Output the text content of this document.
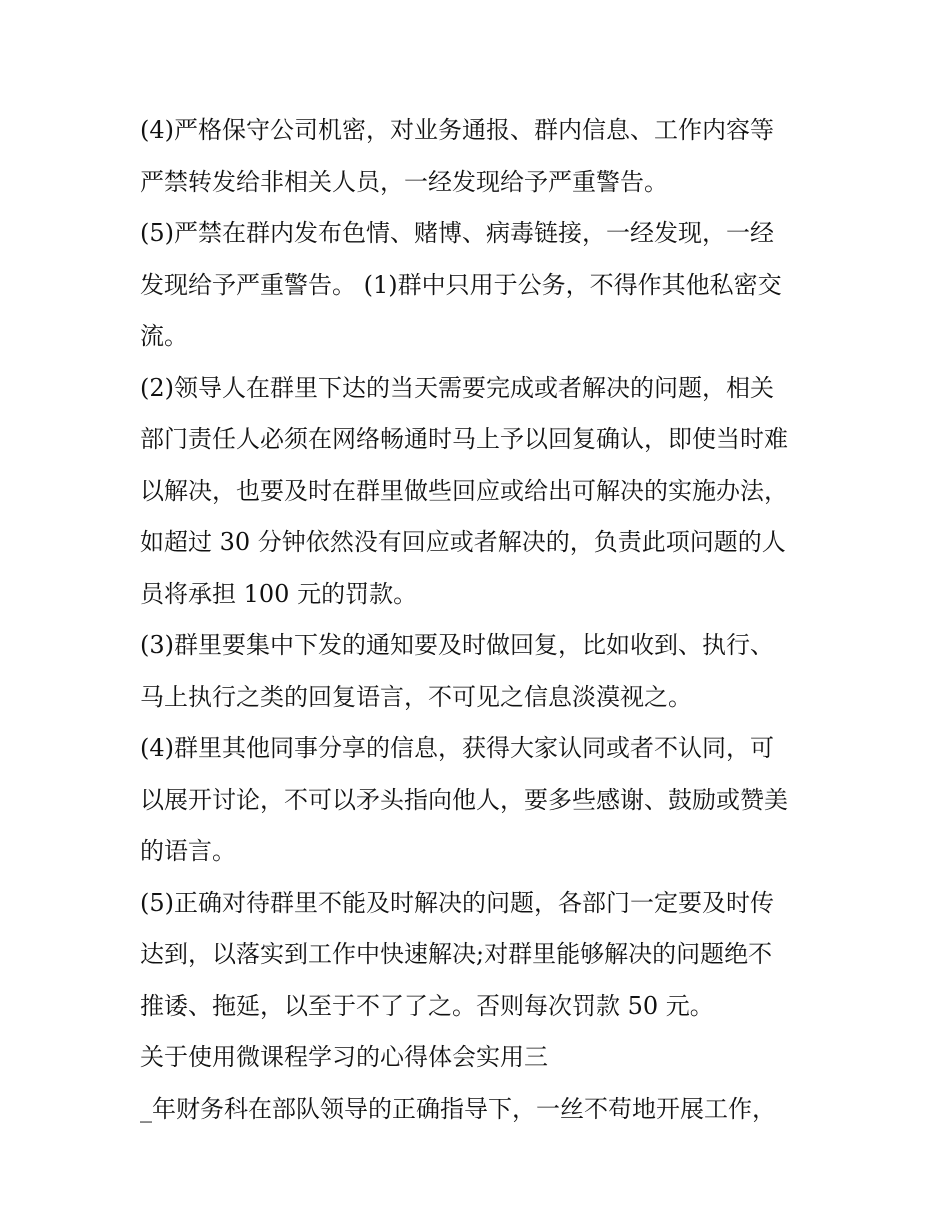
(4)严格保守公司机密，对业务通报、群内信息、工作内容等
严禁转发给非相关人员，一经发现给予严重警告。
(5)严禁在群内发布色情、赌博、病毒链接，一经发现，一经
发现给予严重警告。 (1)群中只用于公务，不得作其他私密交
流。
(2)领导人在群里下达的当天需要完成或者解决的问题，相关
部门责任人必须在网络畅通时马上予以回复确认，即使当时难
以解决，也要及时在群里做些回应或给出可解决的实施办法，
如超过 30 分钟依然没有回应或者解决的，负责此项问题的人
员将承担 100 元的罚款。
(3)群里要集中下发的通知要及时做回复，比如收到、执行、
马上执行之类的回复语言，不可见之信息淡漠视之。
(4)群里其他同事分享的信息，获得大家认同或者不认同，可
以展开讨论，不可以矛头指向他人，要多些感谢、鼓励或赞美
的语言。
(5)正确对待群里不能及时解决的问题，各部门一定要及时传
达到，以落实到工作中快速解决;对群里能够解决的问题绝不
推诿、拖延，以至于不了了之。否则每次罚款 50 元。
关于使用微课程学习的心得体会实用三
_年财务科在部队领导的正确指导下，一丝不苟地开展工作，
